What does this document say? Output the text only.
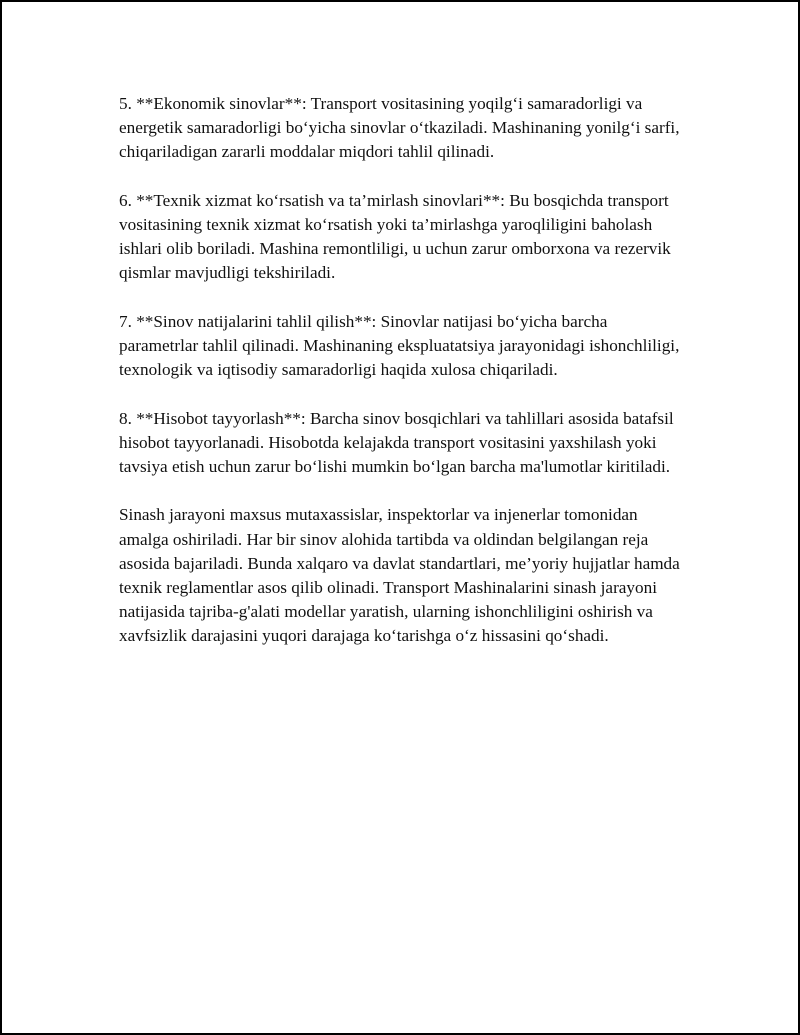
5. **Ekonomik sinovlar**: Transport vositasining yoqilg‘i samaradorligi va energetik samaradorligi bo‘yicha sinovlar o‘tkaziladi. Mashinaning yonilg‘i sarfi, chiqariladigan zararli moddalar miqdori tahlil qilinadi.

6. **Texnik xizmat ko‘rsatish va ta’mirlash sinovlari**: Bu bosqichda transport vositasining texnik xizmat ko‘rsatish yoki ta’mirlashga yaroqliligini baholash ishlari olib boriladi. Mashina remontliligi, u uchun zarur omborxona va rezervik qismlar mavjudligi tekshiriladi.

7. **Sinov natijalarini tahlil qilish**: Sinovlar natijasi bo‘yicha barcha parametrlar tahlil qilinadi. Mashinaning ekspluatatsiya jarayonidagi ishonchliligi, texnologik va iqtisodiy samaradorligi haqida xulosa chiqariladi.

8. **Hisobot tayyorlash**: Barcha sinov bosqichlari va tahlillari asosida batafsil hisobot tayyorlanadi. Hisobotda kelajakda transport vositasini yaxshilash yoki tavsiya etish uchun zarur bo‘lishi mumkin bo‘lgan barcha ma'lumotlar kiritiladi.

Sinash jarayoni maxsus mutaxassislar, inspektorlar va injenerlar tomonidan amalga oshiriladi. Har bir sinov alohida tartibda va oldindan belgilangan reja asosida bajariladi. Bunda xalqaro va davlat standartlari, me’yoriy hujjatlar hamda texnik reglamentlar asos qilib olinadi. Transport Mashinalarini sinash jarayoni natijasida tajriba-g'alati modellar yaratish, ularning ishonchliligini oshirish va xavfsizlik darajasini yuqori darajaga ko‘tarishga o‘z hissasini qo‘shadi.
